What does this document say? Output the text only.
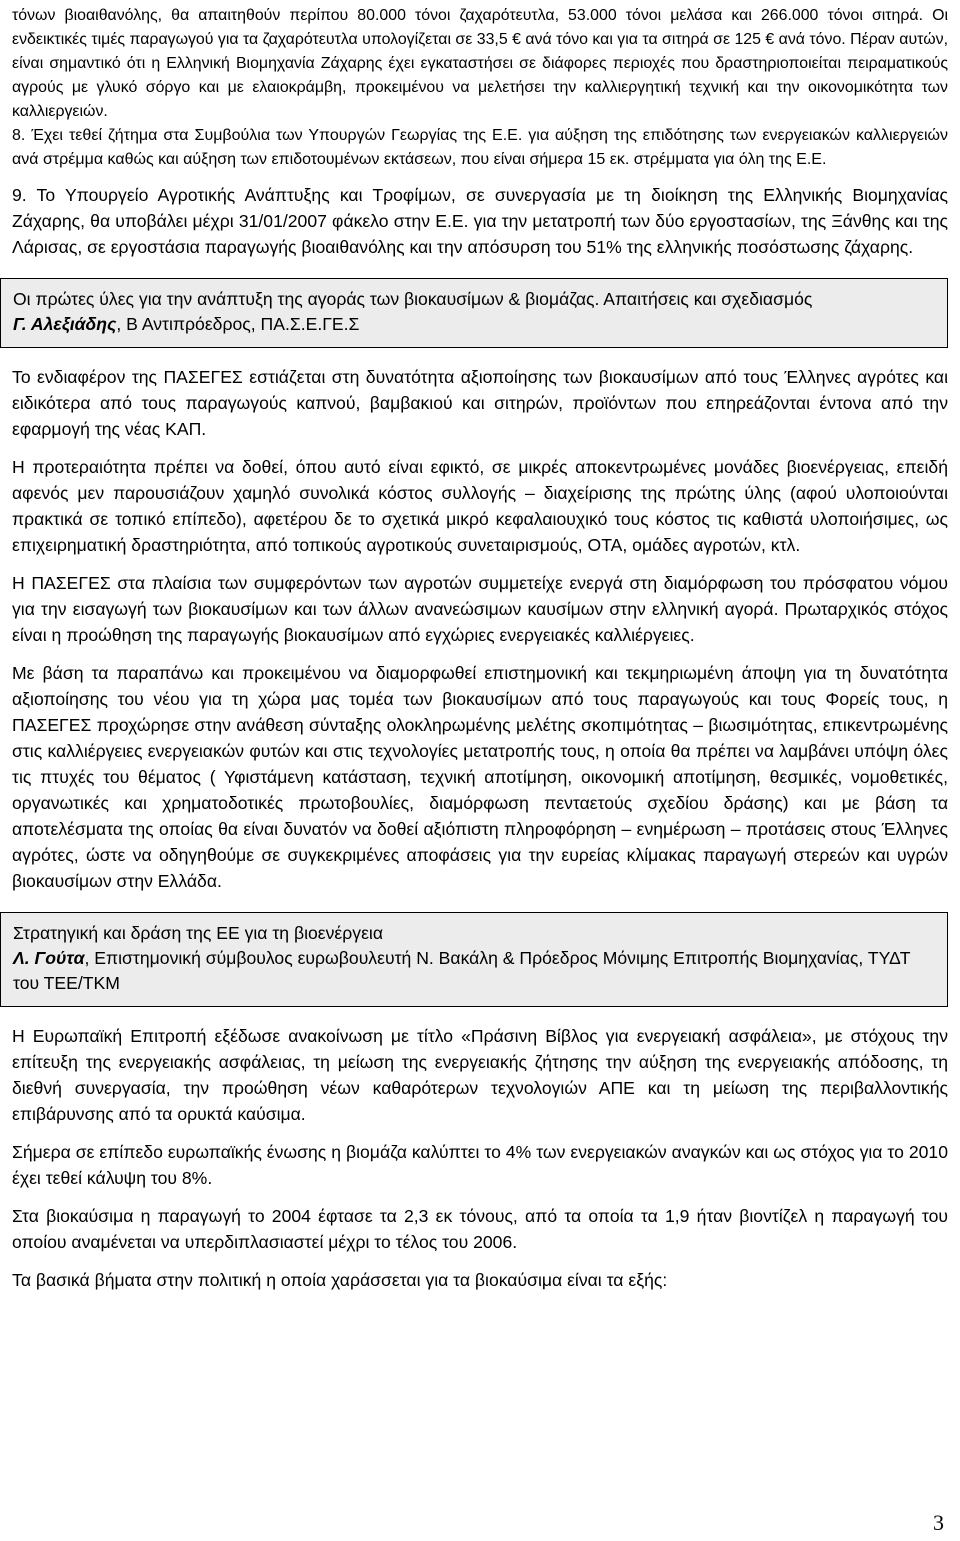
τόνων βιοαιθανόλης, θα απαιτηθούν περίπου 80.000 τόνοι ζαχαρότευτλα, 53.000 τόνοι μελάσα και 266.000 τόνοι σιτηρά. Οι ενδεικτικές τιμές παραγωγού για τα ζαχαρότευτλα υπολογίζεται σε 33,5 € ανά τόνο και για τα σιτηρά σε 125 € ανά τόνο. Πέραν αυτών, είναι σημαντικό ότι η Ελληνική Βιομηχανία Ζάχαρης έχει εγκαταστήσει σε διάφορες περιοχές που δραστηριοποιείται πειραματικούς αγρούς με γλυκό σόργο και με ελαιοκράμβη, προκειμένου να μελετήσει την καλλιεργητική τεχνική και την οικονομικότητα των καλλιεργειών.

8. Έχει τεθεί ζήτημα στα Συμβούλια των Υπουργών Γεωργίας της Ε.Ε. για αύξηση της επιδότησης των ενεργειακών καλλιεργειών ανά στρέμμα καθώς και αύξηση των επιδοτουμένων εκτάσεων, που είναι σήμερα 15 εκ. στρέμματα για όλη της Ε.Ε.

9. Το Υπουργείο Αγροτικής Ανάπτυξης και Τροφίμων, σε συνεργασία με τη διοίκηση της Ελληνικής Βιομηχανίας Ζάχαρης, θα υποβάλει μέχρι 31/01/2007 φάκελο στην Ε.Ε. για την μετατροπή των δύο εργοστασίων, της Ξάνθης και της Λάρισας, σε εργοστάσια παραγωγής βιοαιθανόλης και την απόσυρση του 51% της ελληνικής ποσόστωσης ζάχαρης.

Οι πρώτες ύλες για την ανάπτυξη της αγοράς των βιοκαυσίμων & βιομάζας. Απαιτήσεις και σχεδιασμός
Γ. Αλεξιάδης, Β Αντιπρόεδρος, ΠΑ.Σ.Ε.ΓΕ.Σ

Το ενδιαφέρον της ΠΑΣΕΓΕΣ εστιάζεται στη δυνατότητα αξιοποίησης των βιοκαυσίμων από τους Έλληνες αγρότες και ειδικότερα από τους παραγωγούς καπνού, βαμβακιού και σιτηρών, προϊόντων που επηρεάζονται έντονα από την εφαρμογή της νέας ΚΑΠ.

Η προτεραιότητα πρέπει να δοθεί, όπου αυτό είναι εφικτό, σε μικρές αποκεντρωμένες μονάδες βιοενέργειας, επειδή αφενός μεν παρουσιάζουν χαμηλό συνολικά κόστος συλλογής – διαχείρισης της πρώτης ύλης (αφού υλοποιούνται πρακτικά σε τοπικό επίπεδο), αφετέρου δε το σχετικά μικρό κεφαλαιουχικό τους κόστος τις καθιστά υλοποιήσιμες, ως επιχειρηματική δραστηριότητα, από τοπικούς αγροτικούς συνεταιρισμούς, ΟΤΑ, ομάδες αγροτών, κτλ.

Η ΠΑΣΕΓΕΣ στα πλαίσια των συμφερόντων των αγροτών συμμετείχε ενεργά στη διαμόρφωση του πρόσφατου νόμου για την εισαγωγή των βιοκαυσίμων και των άλλων ανανεώσιμων καυσίμων στην ελληνική αγορά. Πρωταρχικός στόχος είναι η προώθηση της παραγωγής βιοκαυσίμων από εγχώριες ενεργειακές καλλιέργειες.

Με βάση τα παραπάνω και προκειμένου να διαμορφωθεί επιστημονική και τεκμηριωμένη άποψη για τη δυνατότητα αξιοποίησης του νέου για τη χώρα μας τομέα των βιοκαυσίμων από τους παραγωγούς και τους Φορείς τους, η ΠΑΣΕΓΕΣ προχώρησε στην ανάθεση σύνταξης ολοκληρωμένης μελέτης σκοπιμότητας – βιωσιμότητας, επικεντρωμένης στις καλλιέργειες ενεργειακών φυτών και στις τεχνολογίες μετατροπής τους, η οποία θα πρέπει να λαμβάνει υπόψη όλες τις πτυχές του θέματος ( Υφιστάμενη κατάσταση, τεχνική αποτίμηση, οικονομική αποτίμηση, θεσμικές, νομοθετικές, οργανωτικές και χρηματοδοτικές πρωτοβουλίες, διαμόρφωση πενταετούς σχεδίου δράσης) και με βάση τα αποτελέσματα της οποίας θα είναι δυνατόν να δοθεί αξιόπιστη πληροφόρηση – ενημέρωση – προτάσεις στους Έλληνες αγρότες, ώστε να οδηγηθούμε σε συγκεκριμένες αποφάσεις για την ευρείας κλίμακας παραγωγή στερεών και υγρών βιοκαυσίμων στην Ελλάδα.

Στρατηγική και δράση της ΕΕ για τη βιοενέργεια
Λ. Γούτα, Επιστημονική σύμβουλος ευρωβουλευτή Ν. Βακάλη & Πρόεδρος Μόνιμης Επιτροπής Βιομηχανίας, ΤΥΔΤ του ΤΕΕ/ΤΚΜ

Η Ευρωπαϊκή Επιτροπή εξέδωσε ανακοίνωση με τίτλο «Πράσινη Βίβλος για ενεργειακή ασφάλεια», με στόχους την επίτευξη της ενεργειακής ασφάλειας, τη μείωση της ενεργειακής ζήτησης την αύξηση της ενεργειακής απόδοσης, τη διεθνή συνεργασία, την προώθηση νέων καθαρότερων τεχνολογιών ΑΠΕ και τη μείωση της περιβαλλοντικής επιβάρυνσης από τα ορυκτά καύσιμα.

Σήμερα σε επίπεδο ευρωπαϊκής ένωσης η βιομάζα καλύπτει το 4% των ενεργειακών αναγκών και ως στόχος για το 2010 έχει τεθεί κάλυψη του 8%.

Στα βιοκαύσιμα η παραγωγή το 2004 έφτασε τα 2,3 εκ τόνους, από τα οποία τα 1,9 ήταν βιοντίζελ η παραγωγή του οποίου αναμένεται να υπερδιπλασιαστεί μέχρι το τέλος του 2006.

Τα βασικά βήματα στην πολιτική η οποία χαράσσεται για τα βιοκαύσιμα είναι τα εξής:

3
